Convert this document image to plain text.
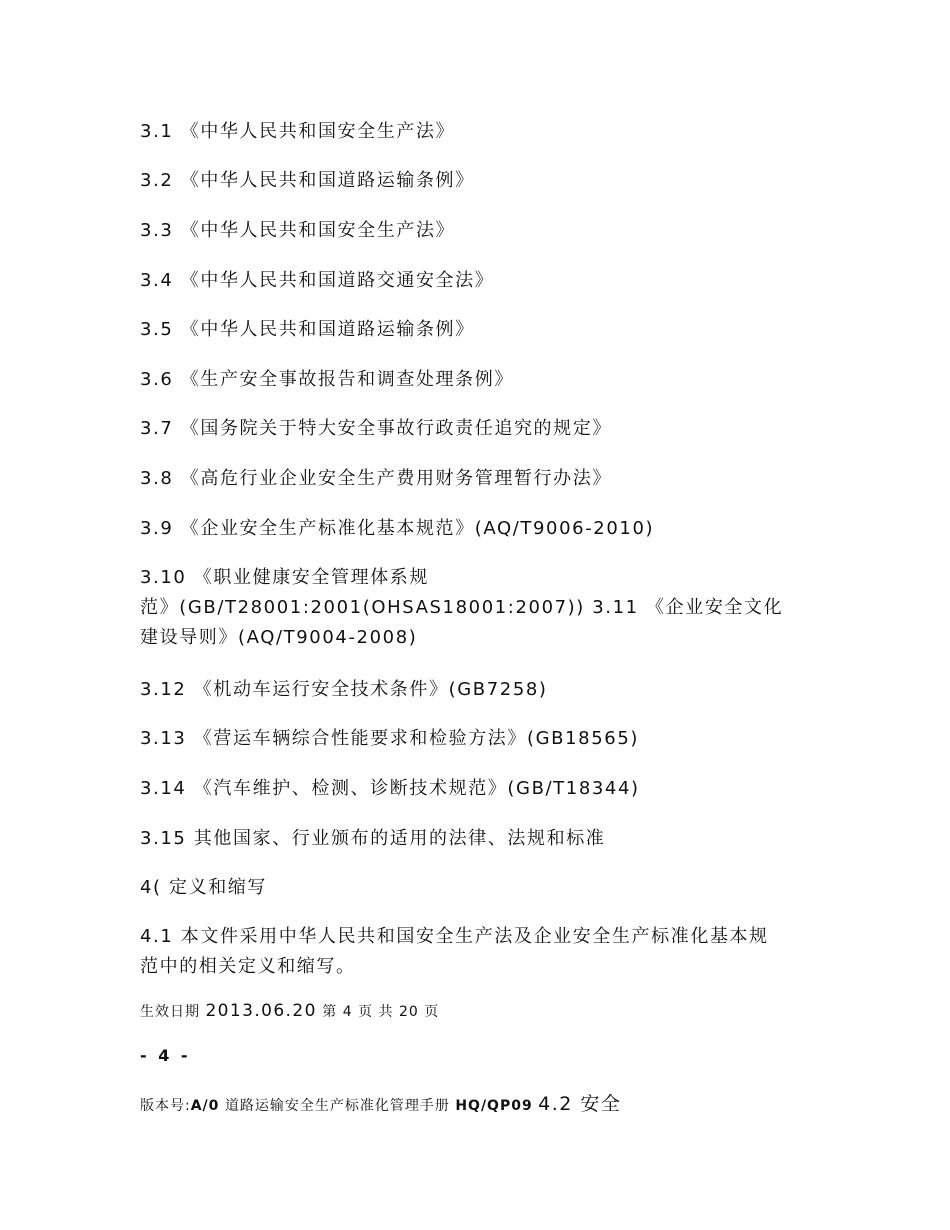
3.1 《中华人民共和国安全生产法》
3.2 《中华人民共和国道路运输条例》
3.3 《中华人民共和国安全生产法》
3.4 《中华人民共和国道路交通安全法》
3.5 《中华人民共和国道路运输条例》
3.6 《生产安全事故报告和调查处理条例》
3.7 《国务院关于特大安全事故行政责任追究的规定》
3.8 《高危行业企业安全生产费用财务管理暂行办法》
3.9 《企业安全生产标准化基本规范》(AQ/T9006-2010)
3.10 《职业健康安全管理体系规
范》(GB/T28001:2001(OHSAS18001:2007)) 3.11 《企业安全文化
建设导则》(AQ/T9004-2008)
3.12 《机动车运行安全技术条件》(GB7258)
3.13 《营运车辆综合性能要求和检验方法》(GB18565)
3.14 《汽车维护、检测、诊断技术规范》(GB/T18344)
3.15 其他国家、行业颁布的适用的法律、法规和标准
4( 定义和缩写
4.1 本文件采用中华人民共和国安全生产法及企业安全生产标准化基本规
范中的相关定义和缩写。
生效日期 2013.06.20 第 4 页 共 20 页
- 4 -
版本号:A/0 道路运输安全生产标准化管理手册 HQ/QP09 4.2 安全
